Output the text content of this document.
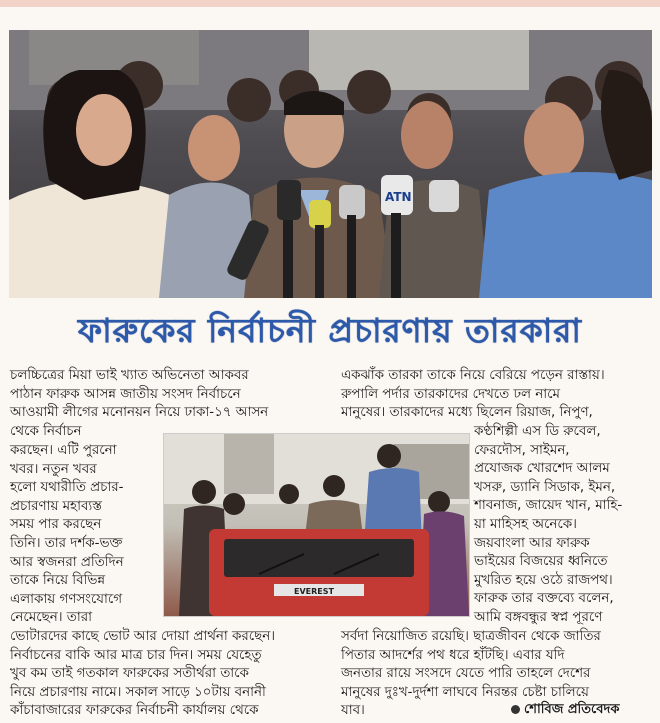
ATN
ফারুকের নির্বাচনী প্রচারণায় তারকারা

চলচ্চিত্রের মিয়া ভাই খ্যাত অভিনেতা আকবর

পাঠান ফারুক আসন্ন জাতীয় সংসদ নির্বাচনে

আওয়ামী লীগের মনোনয়ন নিয়ে ঢাকা-১৭ আসন

থেকে নির্বাচন

করছেন। এটি পুরনো

খবর। নতুন খবর

হলো যথারীতি প্রচার-

প্রচারণায় মহাব্যস্ত

সময় পার করছেন

তিনি। তার দর্শক-ভক্ত

আর স্বজনরা প্রতিদিন

তাকে নিয়ে বিভিন্ন

এলাকায় গণসংযোগে

নেমেছেন। তারা

ভোটারদের কাছে ভোট আর দোয়া প্রার্থনা করছেন।

নির্বাচনের বাকি আর মাত্র চার দিন। সময় যেহেতু

খুব কম তাই গতকাল ফারুকের সতীর্থরা তাকে

নিয়ে প্রচারণায় নামে। সকাল সাড়ে ১০টায় বনানী

কাঁচাবাজারের ফারুকের নির্বাচনী কার্যালয় থেকে

একঝাঁক তারকা তাকে নিয়ে বেরিয়ে পড়েন রাস্তায়।

রুপালি পর্দার তারকাদের দেখতে ঢল নামে

মানুষের। তারকাদের মধ্যে ছিলেন রিয়াজ, নিপুণ,

কণ্ঠশিল্পী এস ডি রুবেল,

ফেরদৌস, সাইমন,

প্রযোজক খোরশেদ আলম

খসরু, ড্যানি সিডাক, ইমন,

শাবনাজ, জায়েদ খান, মাহি-

য়া মাহিসহ অনেকে।

জয়বাংলা আর ফারুক

ভাইয়ের বিজয়ের ধ্বনিতে

মুখরিত হয়ে ওঠে রাজপথ।

ফারুক তার বক্তব্যে বলেন,

আমি বঙ্গবন্ধুর স্বপ্ন পূরণে

সর্বদা নিয়োজিত রয়েছি। ছাত্রজীবন থেকে জাতির

পিতার আদর্শের পথ ধরে হাঁটছি। এবার যদি

জনতার রায়ে সংসদে যেতে পারি তাহলে দেশের

মানুষের দুঃখ-দুর্দশা লাঘবে নিরন্তর চেষ্টা চালিয়ে

যাব।

EVEREST
শোবিজ প্রতিবেদক
